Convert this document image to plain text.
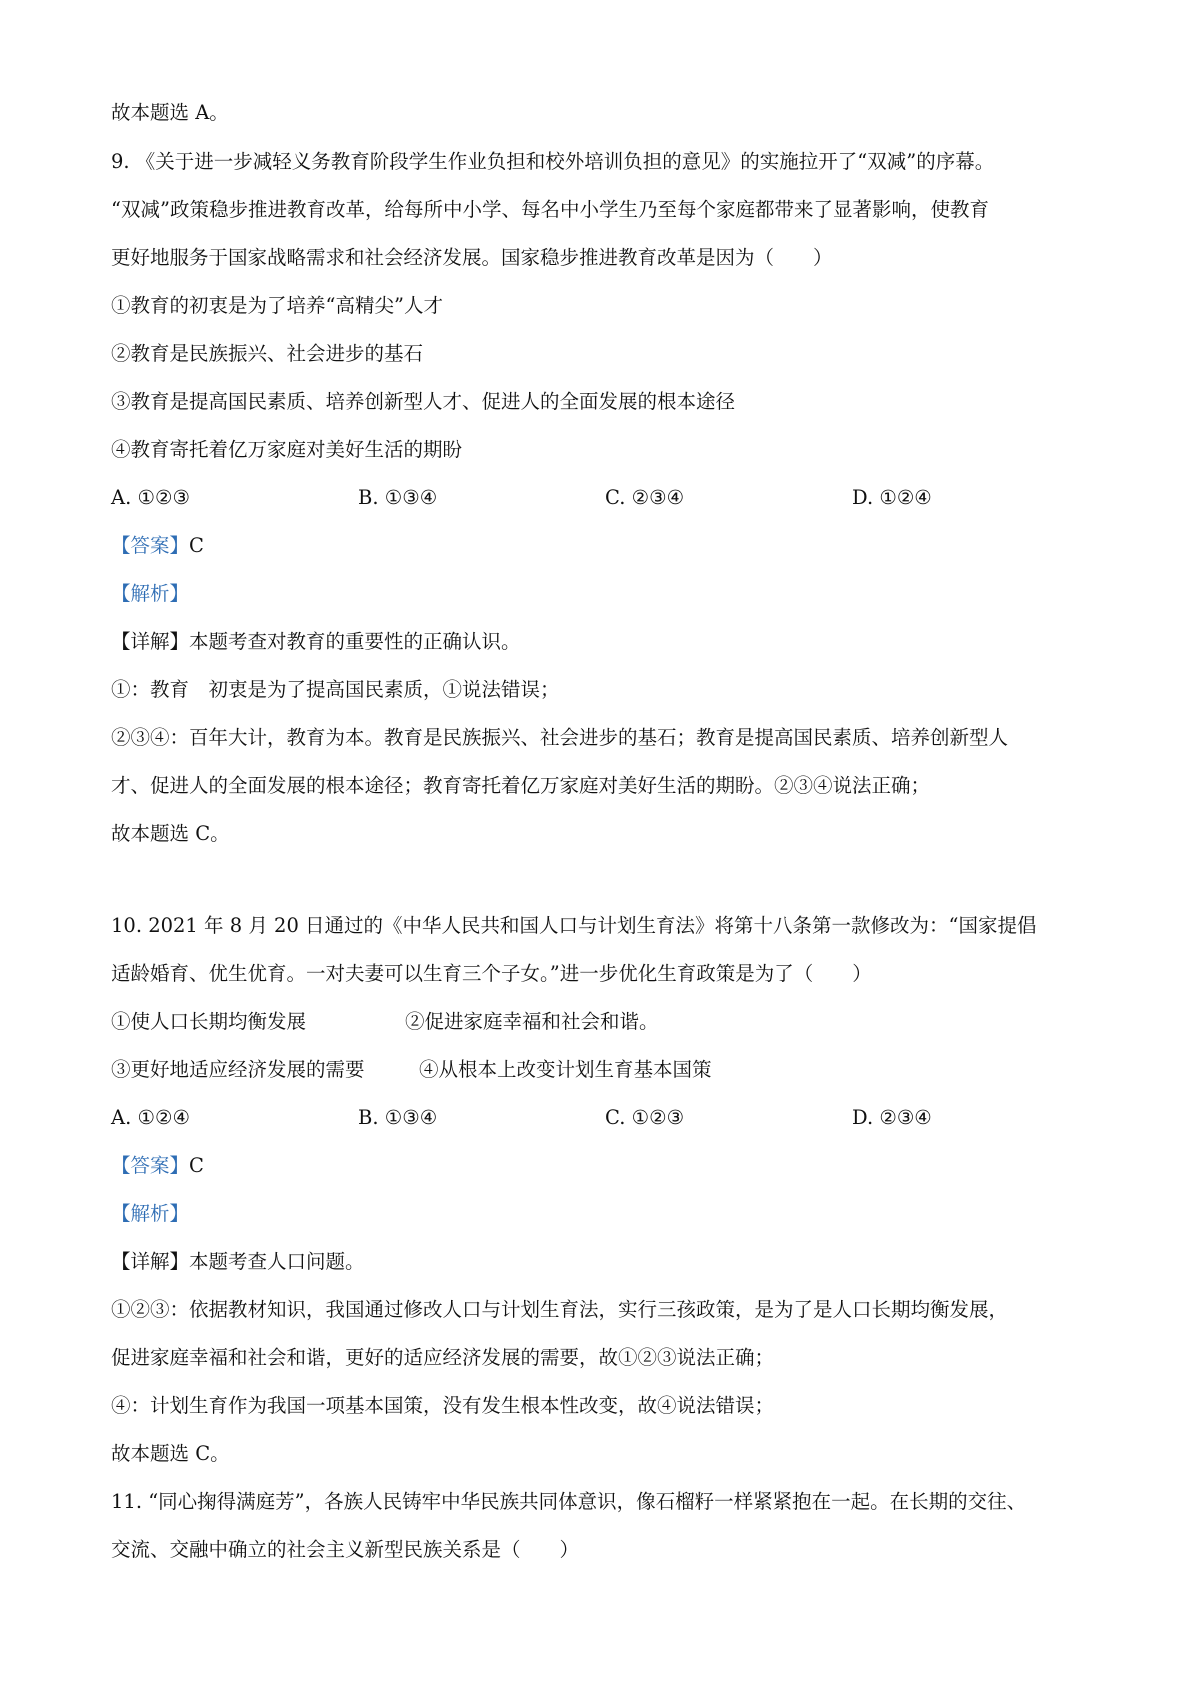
故本题选 A。
9. 《关于进一步减轻义务教育阶段学生作业负担和校外培训负担的意见》的实施拉开了“双减”的序幕。
“双减”政策稳步推进教育改革，给每所中小学、每名中小学生乃至每个家庭都带来了显著影响，使教育
更好地服务于国家战略需求和社会经济发展。国家稳步推进教育改革是因为（　　）
①教育的初衷是为了培养“高精尖”人才
②教育是民族振兴、社会进步的基石
③教育是提高国民素质、培养创新型人才、促进人的全面发展的根本途径
④教育寄托着亿万家庭对美好生活的期盼
A. ①②③	B. ①③④	C. ②③④	D. ①②④
【答案】C
【解析】
【详解】本题考查对教育的重要性的正确认识。
①：教育　初衷是为了提高国民素质，①说法错误；
②③④：百年大计，教育为本。教育是民族振兴、社会进步的基石；教育是提高国民素质、培养创新型人
才、促进人的全面发展的根本途径；教育寄托着亿万家庭对美好生活的期盼。②③④说法正确；
故本题选 C。
10. 2021 年 8 月 20 日通过的《中华人民共和国人口与计划生育法》将第十八条第一款修改为：“国家提倡
适龄婚育、优生优育。一对夫妻可以生育三个子女。”进一步优化生育政策是为了（　　）
①使人口长期均衡发展	②促进家庭幸福和社会和谐。
③更好地适应经济发展的需要	④从根本上改变计划生育基本国策
A. ①②④	B. ①③④	C. ①②③	D. ②③④
【答案】C
【解析】
【详解】本题考查人口问题。
①②③：依据教材知识，我国通过修改人口与计划生育法，实行三孩政策，是为了是人口长期均衡发展，
促进家庭幸福和社会和谐，更好的适应经济发展的需要，故①②③说法正确；
④：计划生育作为我国一项基本国策，没有发生根本性改变，故④说法错误；
故本题选 C。
11. “同心掬得满庭芳”，各族人民铸牢中华民族共同体意识，像石榴籽一样紧紧抱在一起。在长期的交往、
交流、交融中确立的社会主义新型民族关系是（　　）
